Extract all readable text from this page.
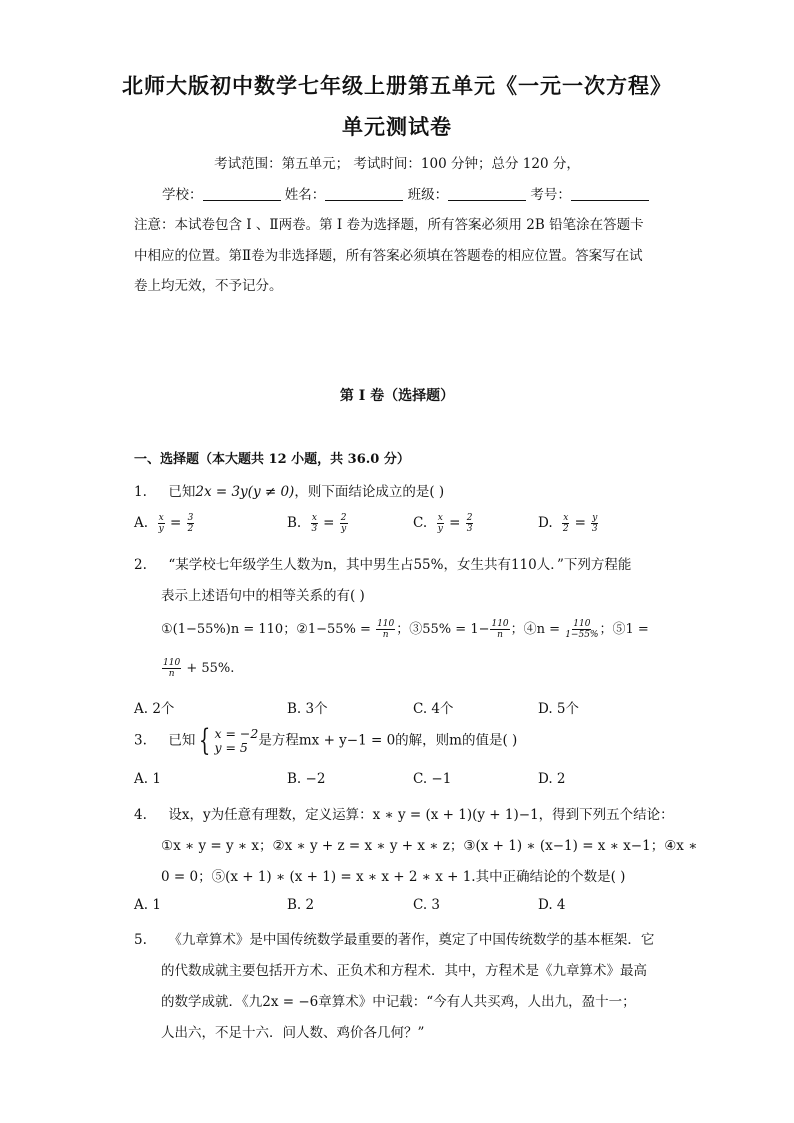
北师大版初中数学七年级上册第五单元《一元一次方程》
单元测试卷
考试范围：第五单元； 考试时间：100 分钟；总分 120 分，
学校：	姓名：	班级：	考号：
注意：本试卷包含 Ⅰ 、Ⅱ两卷。第 Ⅰ 卷为选择题，所有答案必须用 2B 铅笔涂在答题卡
中相应的位置。第Ⅱ卷为非选择题，所有答案必须填在答题卷的相应位置。答案写在试
卷上均无效，不予记分。
第 Ⅰ 卷（选择题）
一、选择题（本大题共 12 小题，共 36.0 分）
1. 已知2x = 3y(y ≠ 0)，则下面结论成立的是( )
A. $\frac{x}{y} = \frac{3}{2}$	B. $\frac{x}{3} = \frac{2}{y}$	C. $\frac{x}{y} = \frac{2}{3}$	D. $\frac{x}{2} = \frac{y}{3}$
2. “某学校七年级学生人数为n，其中男生占55%，女生共有110人．”下列方程能
表示上述语句中的相等关系的有( )
①(1−55%)n = 110；②1−55% = $\frac{110}{n}$ ；③55% = $1- \frac{110}{n}$ ；④n = $\frac{110}{1-55\%}$ ；⑤1 =
$\frac{110}{n} + 55\%$.
A. 2个	B. 3个	C. 4个	D. 5个
3. 已知 { x = −2
y = 5 是方程mx + y−1 = 0的解，则m的值是( )
A. 1	B. −2	C. −1	D. 2
4. 设x，y为任意有理数，定义运算：x ∗ y = (x + 1)(y + 1)−1，得到下列五个结论：
①x ∗ y = y ∗ x；②x ∗ y + z = x ∗ y + x ∗ z；③(x + 1) ∗ (x−1) = x ∗ x−1；④x ∗
0 = 0；⑤(x + 1) ∗ (x + 1) = x ∗ x + 2 ∗ x + 1.其中正确结论的个数是( )
A. 1	B. 2	C. 3	D. 4
5. 《九章算术》是中国传统数学最重要的著作，奠定了中国传统数学的基本框架．它
的代数成就主要包括开方术、正负术和方程术．其中，方程术是《九章算术》最高
的数学成就．《九2x = −6章算术》中记载：“今有人共买鸡，人出九，盈十一；
人出六，不足十六．问人数、鸡价各几何？”
